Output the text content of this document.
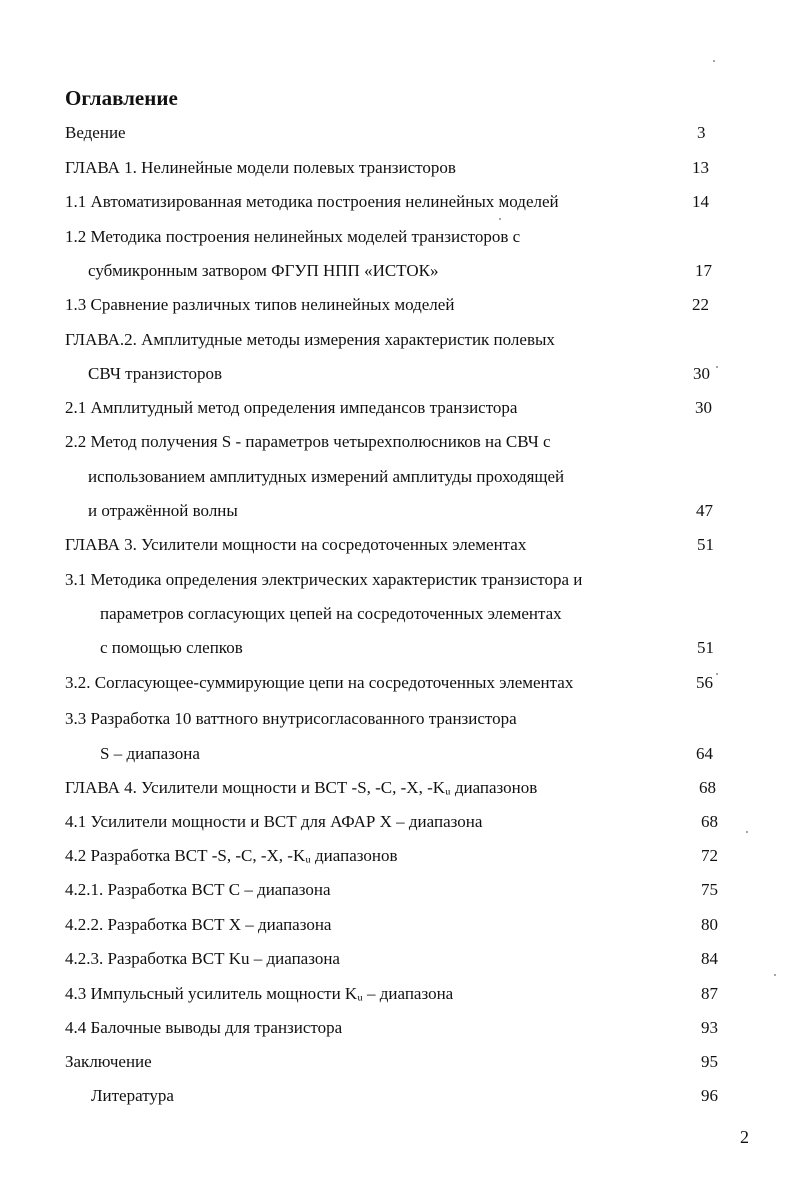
Оглавление
Ведение	3
ГЛАВА 1. Нелинейные модели полевых транзисторов	13
1.1 Автоматизированная методика построения нелинейных моделей	14
1.2 Методика построения нелинейных моделей транзисторов с
субмикронным затвором ФГУП НПП «ИСТОК»	17
1.3 Сравнение различных типов нелинейных моделей	22
ГЛАВА.2. Амплитудные методы измерения характеристик полевых
СВЧ транзисторов	30
2.1 Амплитудный метод определения импедансов транзистора	30
2.2 Метод получения S - параметров четырехполюсников на СВЧ с
использованием амплитудных измерений амплитуды проходящей
и отражённой волны	47
ГЛАВА 3. Усилители мощности на сосредоточенных элементах	51
3.1 Методика определения электрических характеристик транзистора и
параметров согласующих цепей на сосредоточенных элементах
с помощью слепков	51
3.2. Согласующее-суммирующие цепи на сосредоточенных элементах	56
3.3 Разработка 10 ваттного внутрисогласованного транзистора
S – диапазона	64
ГЛАВА 4. Усилители мощности и ВСТ -S, -C, -X, -Kᵤ диапазонов	68
4.1 Усилители мощности и ВСТ для АФАР Х – диапазона	68
4.2 Разработка ВСТ -S, -C, -X, -Kᵤ диапазонов	72
4.2.1. Разработка ВСТ С – диапазона	75
4.2.2. Разработка ВСТ Х – диапазона	80
4.2.3. Разработка ВСТ Ku – диапазона	84
4.3 Импульсный усилитель мощности Kᵤ – диапазона	87
4.4 Балочные выводы для транзистора	93
Заключение	95
Литература	96
2
